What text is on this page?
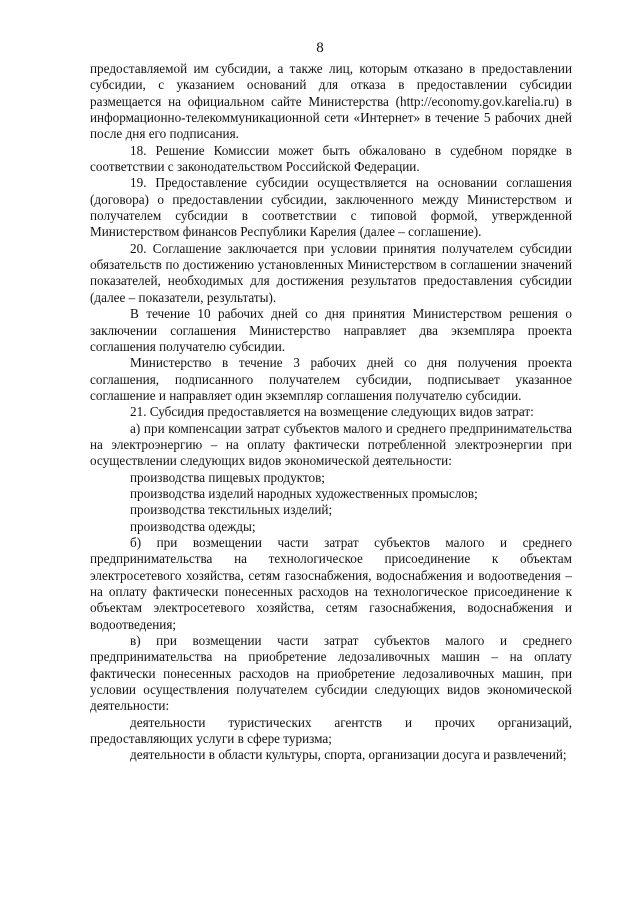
8

предоставляемой им субсидии, а также лиц, которым отказано в предоставлении субсидии, с указанием оснований для отказа в предоставлении субсидии размещается на официальном сайте Министерства (http://economy.gov.karelia.ru) в информационно-телекоммуникационной сети «Интернет» в течение 5 рабочих дней после дня его подписания.

18. Решение Комиссии может быть обжаловано в судебном порядке в соответствии с законодательством Российской Федерации.

19. Предоставление субсидии осуществляется на основании соглашения (договора) о предоставлении субсидии, заключенного между Министерством и получателем субсидии в соответствии с типовой формой, утвержденной Министерством финансов Республики Карелия (далее – соглашение).

20. Соглашение заключается при условии принятия получателем субсидии обязательств по достижению установленных Министерством в соглашении значений показателей, необходимых для достижения результатов предоставления субсидии (далее – показатели, результаты).

В течение 10 рабочих дней со дня принятия Министерством решения о заключении соглашения Министерство направляет два экземпляра проекта соглашения получателю субсидии.

Министерство в течение 3 рабочих дней со дня получения проекта соглашения, подписанного получателем субсидии, подписывает указанное соглашение и направляет один экземпляр соглашения получателю субсидии.

21. Субсидия предоставляется на возмещение следующих видов затрат:

а) при компенсации затрат субъектов малого и среднего предпринимательства на электроэнергию – на оплату фактически потребленной электроэнергии при осуществлении следующих видов экономической деятельности:

производства пищевых продуктов;

производства изделий народных художественных промыслов;

производства текстильных изделий;

производства одежды;

б) при возмещении части затрат субъектов малого и среднего предпринимательства на технологическое присоединение к объектам электросетевого хозяйства, сетям газоснабжения, водоснабжения и водоотведения – на оплату фактически понесенных расходов на технологическое присоединение к объектам электросетевого хозяйства, сетям газоснабжения, водоснабжения и водоотведения;

в) при возмещении части затрат субъектов малого и среднего предпринимательства на приобретение ледозаливочных машин – на оплату фактически понесенных расходов на приобретение ледозаливочных машин, при условии осуществления получателем субсидии следующих видов экономической деятельности:

деятельности туристических агентств и прочих организаций, предоставляющих услуги в сфере туризма;

деятельности в области культуры, спорта, организации досуга и развлечений;
